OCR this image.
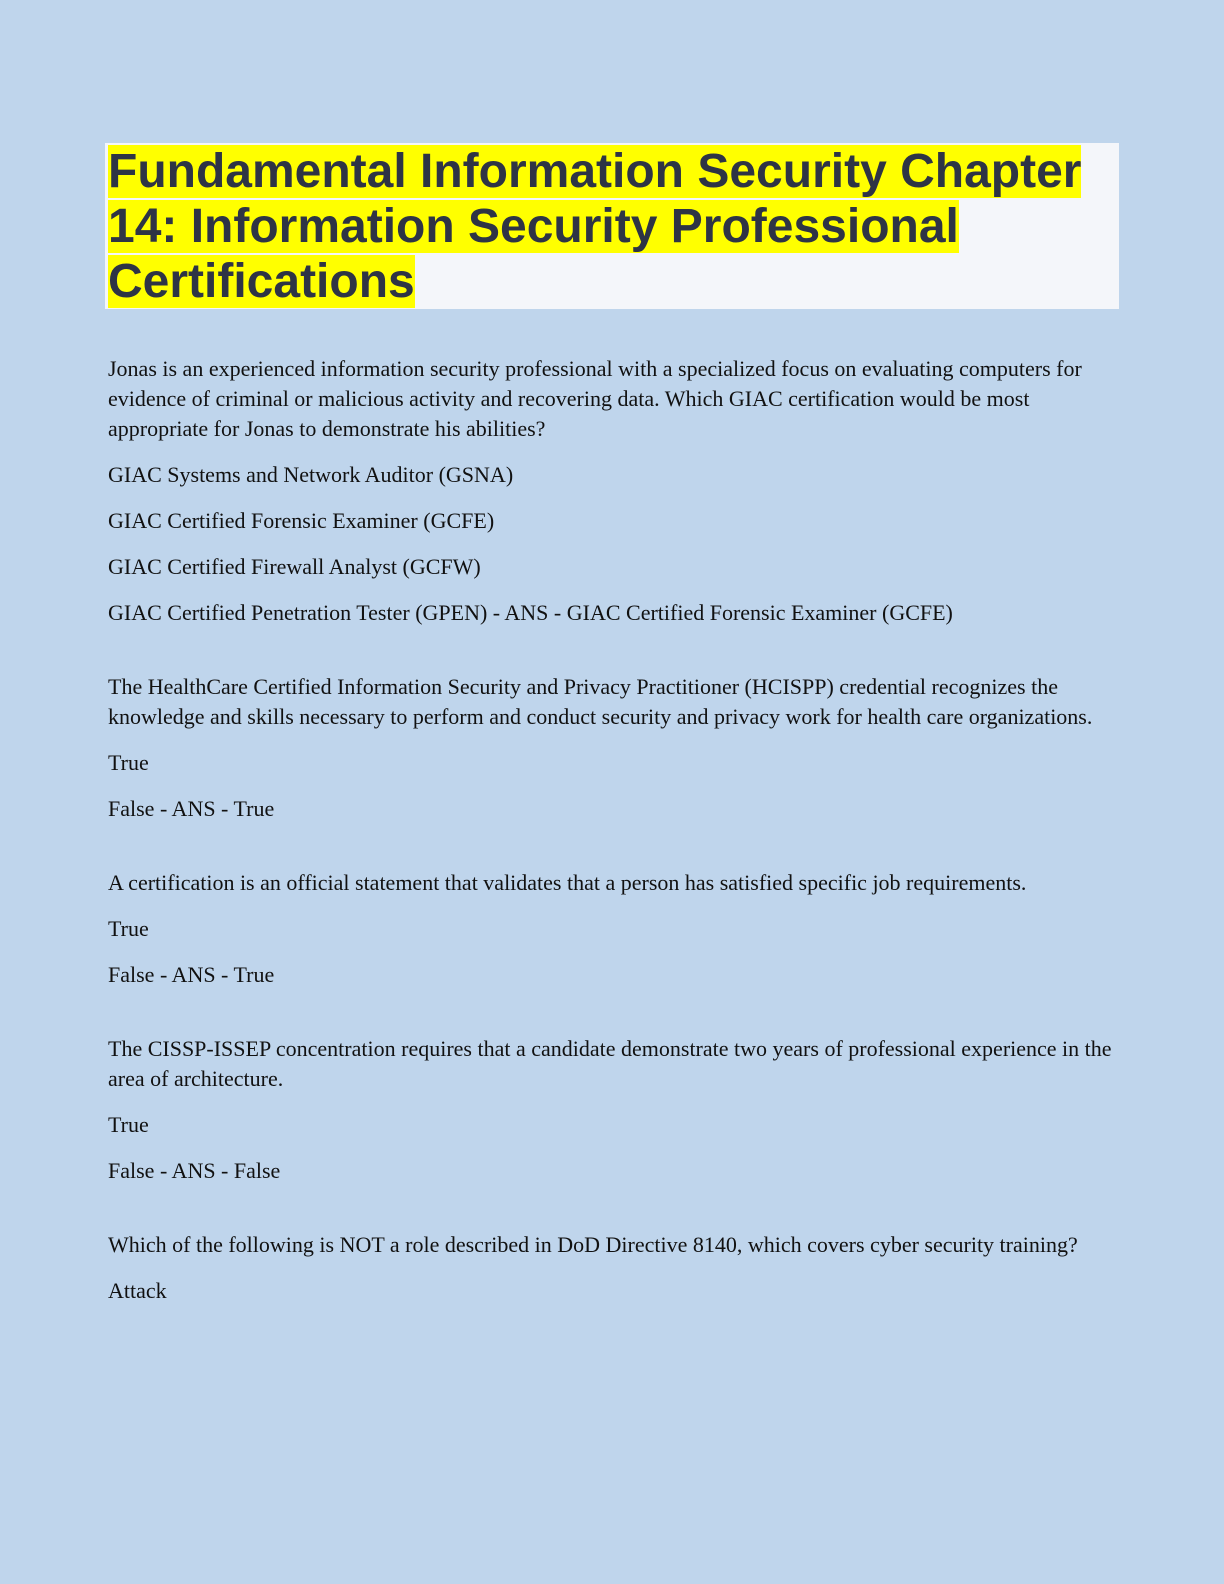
Fundamental Information Security Chapter 14: Information Security Professional Certifications

Jonas is an experienced information security professional with a specialized focus on evaluating computers for evidence of criminal or malicious activity and recovering data. Which GIAC certification would be most appropriate for Jonas to demonstrate his abilities?

GIAC Systems and Network Auditor (GSNA)

GIAC Certified Forensic Examiner (GCFE)

GIAC Certified Firewall Analyst (GCFW)

GIAC Certified Penetration Tester (GPEN) - ANS - GIAC Certified Forensic Examiner (GCFE)

The HealthCare Certified Information Security and Privacy Practitioner (HCISPP) credential recognizes the knowledge and skills necessary to perform and conduct security and privacy work for health care organizations.

True

False - ANS - True

A certification is an official statement that validates that a person has satisfied specific job requirements.

True

False - ANS - True

The CISSP-ISSEP concentration requires that a candidate demonstrate two years of professional experience in the area of architecture.

True

False - ANS - False

Which of the following is NOT a role described in DoD Directive 8140, which covers cyber security training?

Attack
